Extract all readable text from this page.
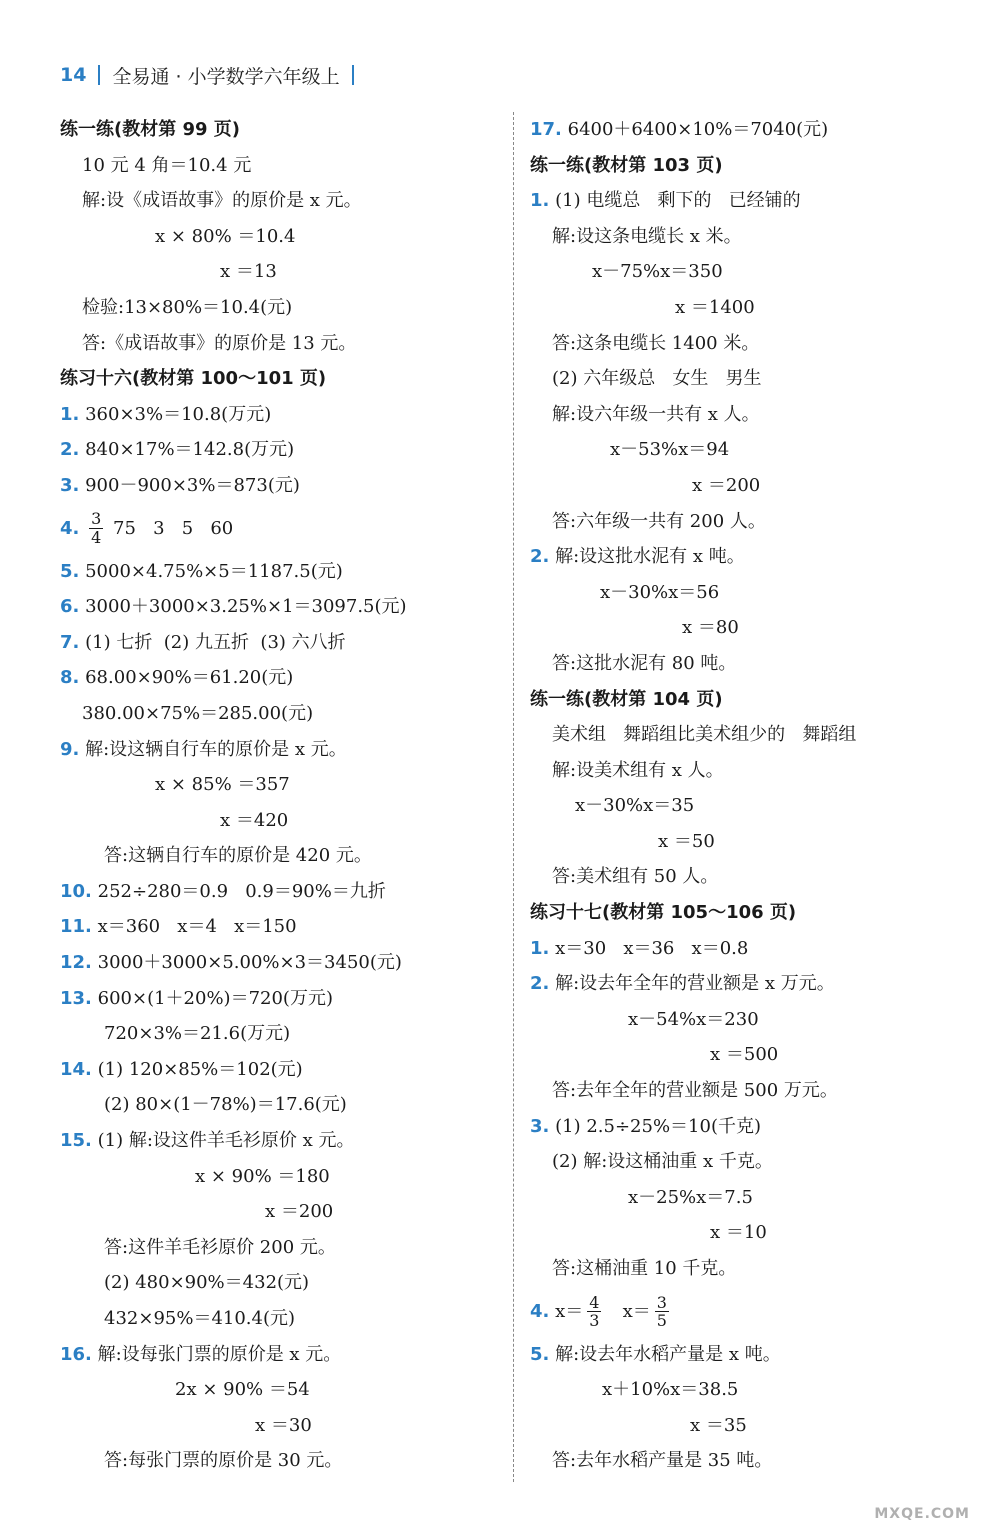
14 全易通 · 小学数学六年级上
练一练(教材第 99 页)
10 元 4 角＝10.4 元
解:设《成语故事》的原价是 x 元。
x × 80% ＝10.4
x ＝13
检验:13×80%＝10.4(元)
答:《成语故事》的原价是 13 元。
练习十六(教材第 100～101 页)
1. 360×3%＝10.8(万元)
2. 840×17%＝142.8(万元)
3. 900－900×3%＝873(元)
4. $\frac{3}{4} 75$   3   5   60
5. 5000×4.75%×5＝1187.5(元)
6. 3000＋3000×3.25%×1＝3097.5(元)
7. (1) 七折  (2) 九五折  (3) 六八折
8. 68.00×90%＝61.20(元)
380.00×75%＝285.00(元)
9. 解:设这辆自行车的原价是 x 元。
x × 85% ＝357
x ＝420
答:这辆自行车的原价是 420 元。
10. 252÷280＝0.9   0.9＝90%＝九折
11. x＝360   x＝4   x＝150
12. 3000＋3000×5.00%×3＝3450(元)
13. 600×(1＋20%)＝720(万元)
720×3%＝21.6(万元)
14. (1) 120×85%＝102(元)
(2) 80×(1－78%)＝17.6(元)
15. (1) 解:设这件羊毛衫原价 x 元。
x × 90% ＝180
x ＝200
答:这件羊毛衫原价 200 元。
(2) 480×90%＝432(元)
432×95%＝410.4(元)
16. 解:设每张门票的原价是 x 元。
2x × 90% ＝54
x ＝30
答:每张门票的原价是 30 元。
17. 6400＋6400×10%＝7040(元)
练一练(教材第 103 页)
1. (1) 电缆总   剩下的   已经铺的
解:设这条电缆长 x 米。
x－75%x＝350
x ＝1400
答:这条电缆长 1400 米。
(2) 六年级总   女生   男生
解:设六年级一共有 x 人。
x－53%x＝94
x ＝200
答:六年级一共有 200 人。
2. 解:设这批水泥有 x 吨。
x－30%x＝56
x ＝80
答:这批水泥有 80 吨。
练一练(教材第 104 页)
美术组   舞蹈组比美术组少的   舞蹈组
解:设美术组有 x 人。
x－30%x＝35
x ＝50
答:美术组有 50 人。
练习十七(教材第 105～106 页)
1. x＝30   x＝36   x＝0.8
2. 解:设去年全年的营业额是 x 万元。
x－54%x＝230
x ＝500
答:去年全年的营业额是 500 万元。
3. (1) 2.5÷25%＝10(千克)
(2) 解:设这桶油重 x 千克。
x－25%x＝7.5
x ＝10
答:这桶油重 10 千克。
4. $x= \frac{4}{3} x= \frac{3}{5}$
5. 解:设去年水稻产量是 x 吨。
x＋10%x＝38.5
x ＝35
答:去年水稻产量是 35 吨。
MXQE.COM
